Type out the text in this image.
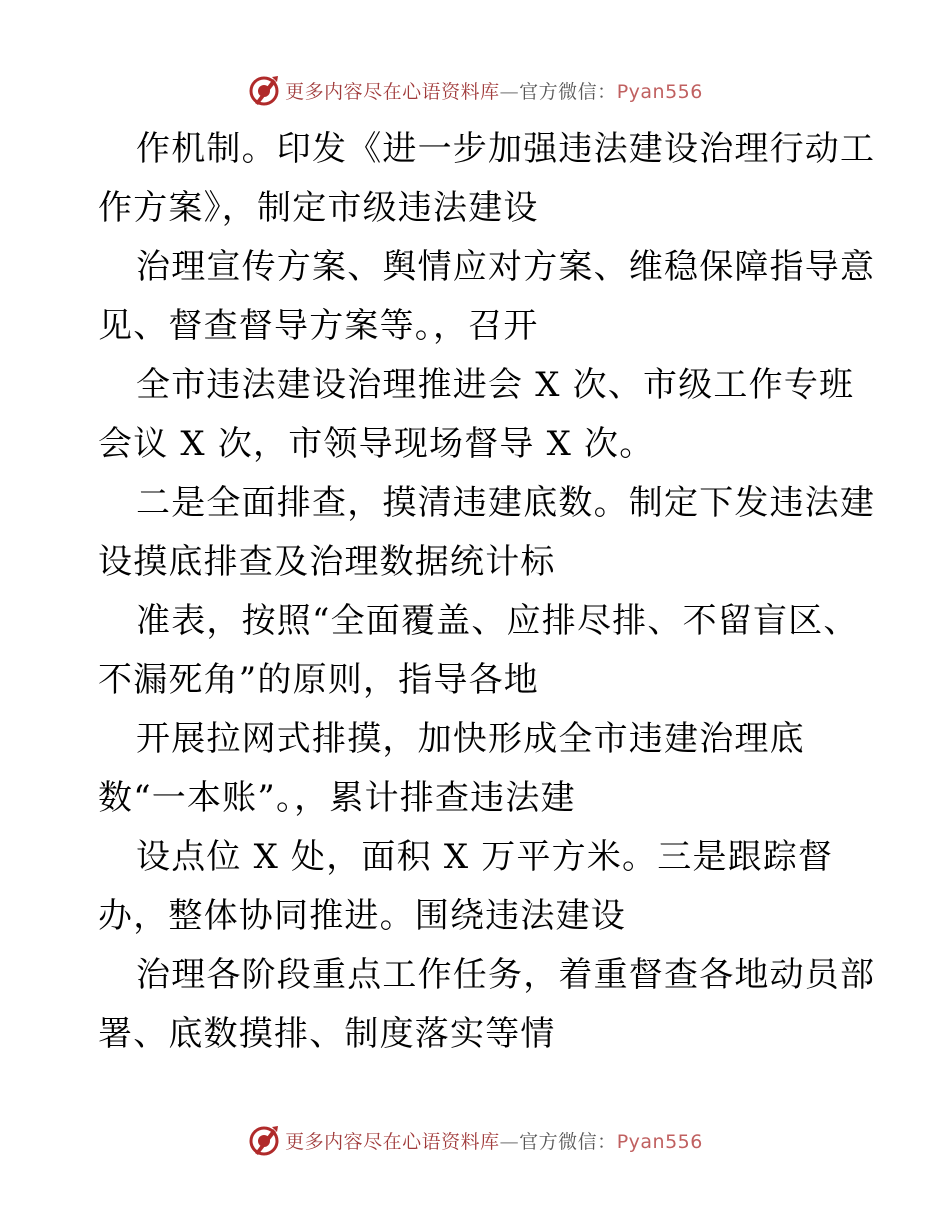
更多内容尽在心语资料库—官方微信：Pyan556
作机制。印发《进一步加强违法建设治理行动工
作方案》，制定市级违法建设
治理宣传方案、舆情应对方案、维稳保障指导意
见、督查督导方案等。，召开
全市违法建设治理推进会 X 次、市级工作专班
会议 X 次，市领导现场督导 X 次。
二是全面排查，摸清违建底数。制定下发违法建
设摸底排查及治理数据统计标
准表，按照“全面覆盖、应排尽排、不留盲区、
不漏死角”的原则，指导各地
开展拉网式排摸，加快形成全市违建治理底
数“一本账”。，累计排查违法建
设点位 X 处，面积 X 万平方米。三是跟踪督
办，整体协同推进。围绕违法建设
治理各阶段重点工作任务，着重督查各地动员部
署、底数摸排、制度落实等情
更多内容尽在心语资料库—官方微信：Pyan556
